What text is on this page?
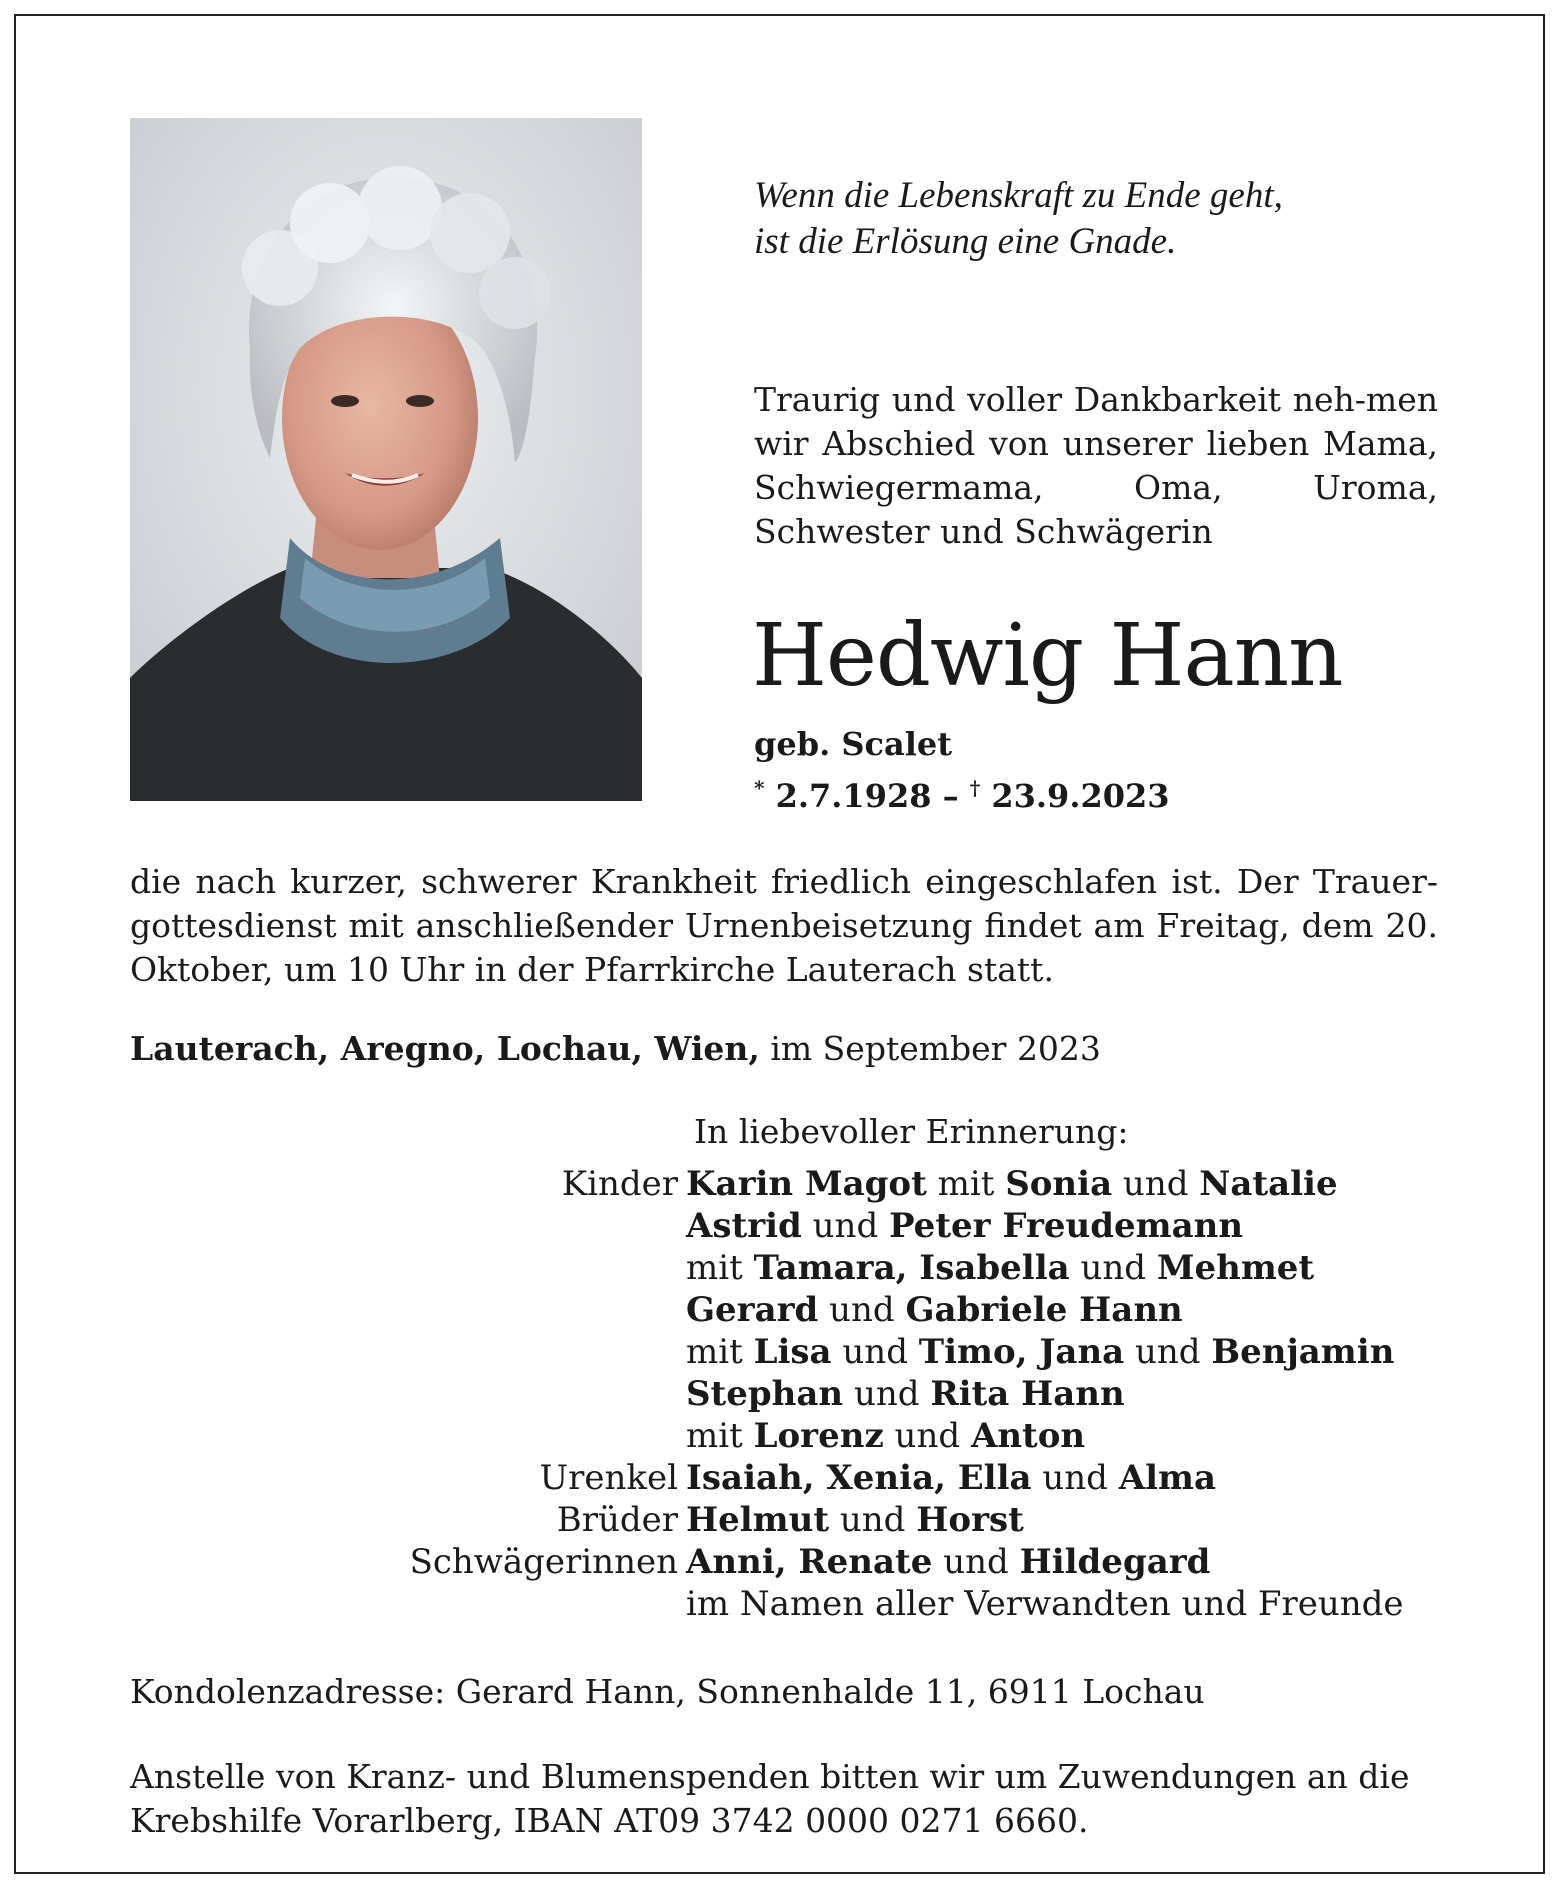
Wenn die Lebenskraft zu Ende geht,
ist die Erlösung eine Gnade.
Traurig und voller Dankbarkeit neh-men wir Abschied von unserer lieben Mama, Schwiegermama, Oma, Uroma, Schwester und Schwägerin
Hedwig Hann
geb. Scalet
* 2.7.1928 – † 23.9.2023
die nach kurzer, schwerer Krankheit friedlich eingeschlafen ist. Der Trauer-gottesdienst mit anschließender Urnenbeisetzung findet am Freitag, dem 20. Oktober, um 10 Uhr in der Pfarrkirche Lauterach statt.
Lauterach, Aregno, Lochau, Wien, im September 2023
In liebevoller Erinnerung:
Kinder Karin Magot mit Sonia und Natalie
Astrid und Peter Freudemann
mit Tamara, Isabella und Mehmet
Gerard und Gabriele Hann
mit Lisa und Timo, Jana und Benjamin
Stephan und Rita Hann
mit Lorenz und Anton
Urenkel Isaiah, Xenia, Ella und Alma
Brüder Helmut und Horst
Schwägerinnen Anni, Renate und Hildegard
im Namen aller Verwandten und Freunde
Kondolenzadresse: Gerard Hann, Sonnenhalde 11, 6911 Lochau
Anstelle von Kranz- und Blumenspenden bitten wir um Zuwendungen an die
Krebshilfe Vorarlberg, IBAN AT09 3742 0000 0271 6660.
